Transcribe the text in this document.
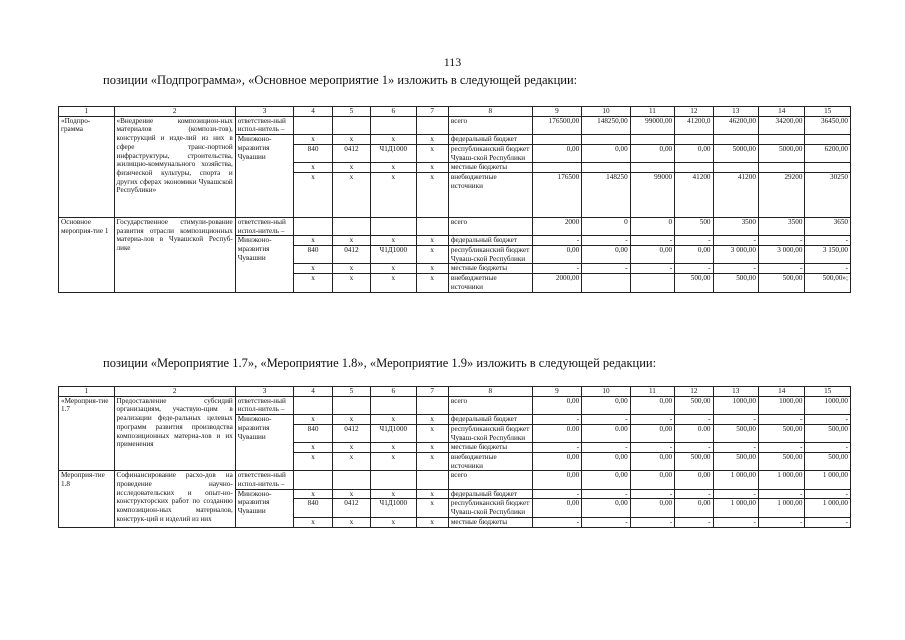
113
позиции «Подпрограмма», «Основное мероприятие 1» изложить в следующей редакции:
позиции «Мероприятие 1.7», «Мероприятие 1.8», «Мероприятие 1.9» изложить в следующей редакции:
1	2	3	4	5	6	7	8	9	10	11	12	13	14	15
«Подпро-грамма	«Внедрение композицион-ных материалов (компози-тов), конструкций и изде-лий из них в сфере транс-портной инфраструктуры, строительства, жилищно-коммунального хозяйства, физической культуры, спорта и других сферах экономики Чувашской Республики»	ответствен-ный испол-нитель –					всего	176500,00	148250,00	99000,00	41200,0	46200,00	34200,00	36450,00
		Минэконо-мразвития Чувашии	х	х	х	х	федеральный бюджет							
			840	0412	Ч1Д1000	х	республиканский бюджет Чуваш-ской Республики	0,00	0,00	0,00	0,00	5000,00	5000,00	6200,00
			х	х	х	х	местные бюджеты							
			х	х	х	х	внебюджетные источники	176500	148250	99000	41200	41200	29200	30250
Основное мероприя-тие 1	Государственное стимули-рование развития отрасли композиционных материа-лов в Чувашской Респуб-лике	ответствен-ный испол-нитель –					всего	2000	0	0	500	3500	3500	3650
		Минэконо-мразвития Чувашии	х	х	х	х	федеральный бюджет	-	-	-	-	-	-	-
			840	0412	Ч1Д1000	х	республиканский бюджет Чуваш-ской Республики	0,00	0,00	0,00	0,00	3 000,00	3 000,00	3 150,00
			х	х	х	х	местные бюджеты	-	-	-	-	-	-	-
			х	х	х	х	внебюджетные источники	2000,00			500,00	500,00	500,00	500,00»;
1	2	3	4	5	6	7	8	9	10	11	12	13	14	15
«Мероприя-тие 1.7	Предоставление субсидий организациям, участвую-щим в реализации феде-ральных целевых программ развития производства композиционных материа-лов и их применения	ответствен-ный испол-нитель –					всего	0,00	0,00	0,00	500,00	1000,00	1000,00	1000,00
		Минэконо-мразвития Чувашии	х	х	х	х	федеральный бюджет	-	-	-	-	-	-	-
			840	0412	Ч1Д1000	х	республиканский бюджет Чуваш-ской Республики	0.00	0.00	0,00	0.00	500,00	500,00	500,00
			х	х	х	х	местные бюджеты	-	-	-	-	-	-	-
			х	х	х	х	внебюджетные источники	0,00	0,00	0,00	500,00	500,00	500,00	500,00
Мероприя-тие 1.8	Софинансирование расхо-дов на проведение научно-исследовательских и опыт-но-конструкторских работ по созданию композицион-ных материалов, конструк-ций и изделий из них	ответствен-ный испол-нитель –					всего	0,00	0,00	0,00	0,00	1 000,00	1 000,00	1 000,00
		Минэконо-мразвития Чувашии	х	х	х	х	федеральный бюджет	-	-	-	-	-	-	-
			840	0412	Ч1Д1000	х	республиканский бюджет Чуваш-ской Республики	0,00	0,00	0,00	0,00	1 000,00	1 000,00	1 000,00
			х	х	х	х	местные бюджеты	-	-	-	-	-	-	-
